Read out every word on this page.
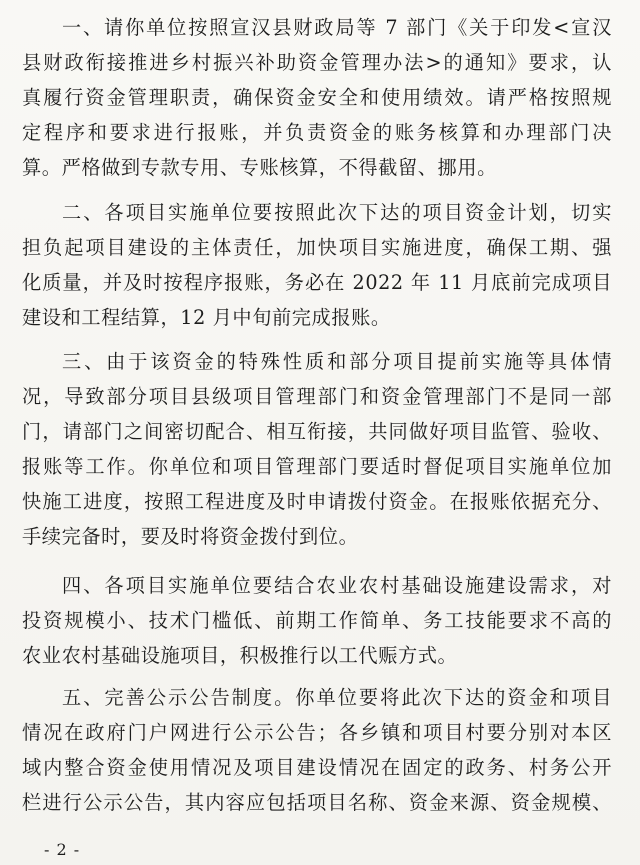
一、请你单位按照宣汉县财政局等 7 部门《关于印发<宣汉
县财政衔接推进乡村振兴补助资金管理办法>的通知》要求，认
真履行资金管理职责，确保资金安全和使用绩效。请严格按照规
定程序和要求进行报账，并负责资金的账务核算和办理部门决
算。严格做到专款专用、专账核算，不得截留、挪用。
二、各项目实施单位要按照此次下达的项目资金计划，切实
担负起项目建设的主体责任，加快项目实施进度，确保工期、强
化质量，并及时按程序报账，务必在 2022 年 11 月底前完成项目
建设和工程结算，12 月中旬前完成报账。
三、由于该资金的特殊性质和部分项目提前实施等具体情
况，导致部分项目县级项目管理部门和资金管理部门不是同一部
门，请部门之间密切配合、相互衔接，共同做好项目监管、验收、
报账等工作。你单位和项目管理部门要适时督促项目实施单位加
快施工进度，按照工程进度及时申请拨付资金。在报账依据充分、
手续完备时，要及时将资金拨付到位。
四、各项目实施单位要结合农业农村基础设施建设需求，对
投资规模小、技术门槛低、前期工作简单、务工技能要求不高的
农业农村基础设施项目，积极推行以工代赈方式。
五、完善公示公告制度。你单位要将此次下达的资金和项目
情况在政府门户网进行公示公告；各乡镇和项目村要分别对本区
域内整合资金使用情况及项目建设情况在固定的政务、村务公开
栏进行公示公告，其内容应包括项目名称、资金来源、资金规模、
- 2 -
